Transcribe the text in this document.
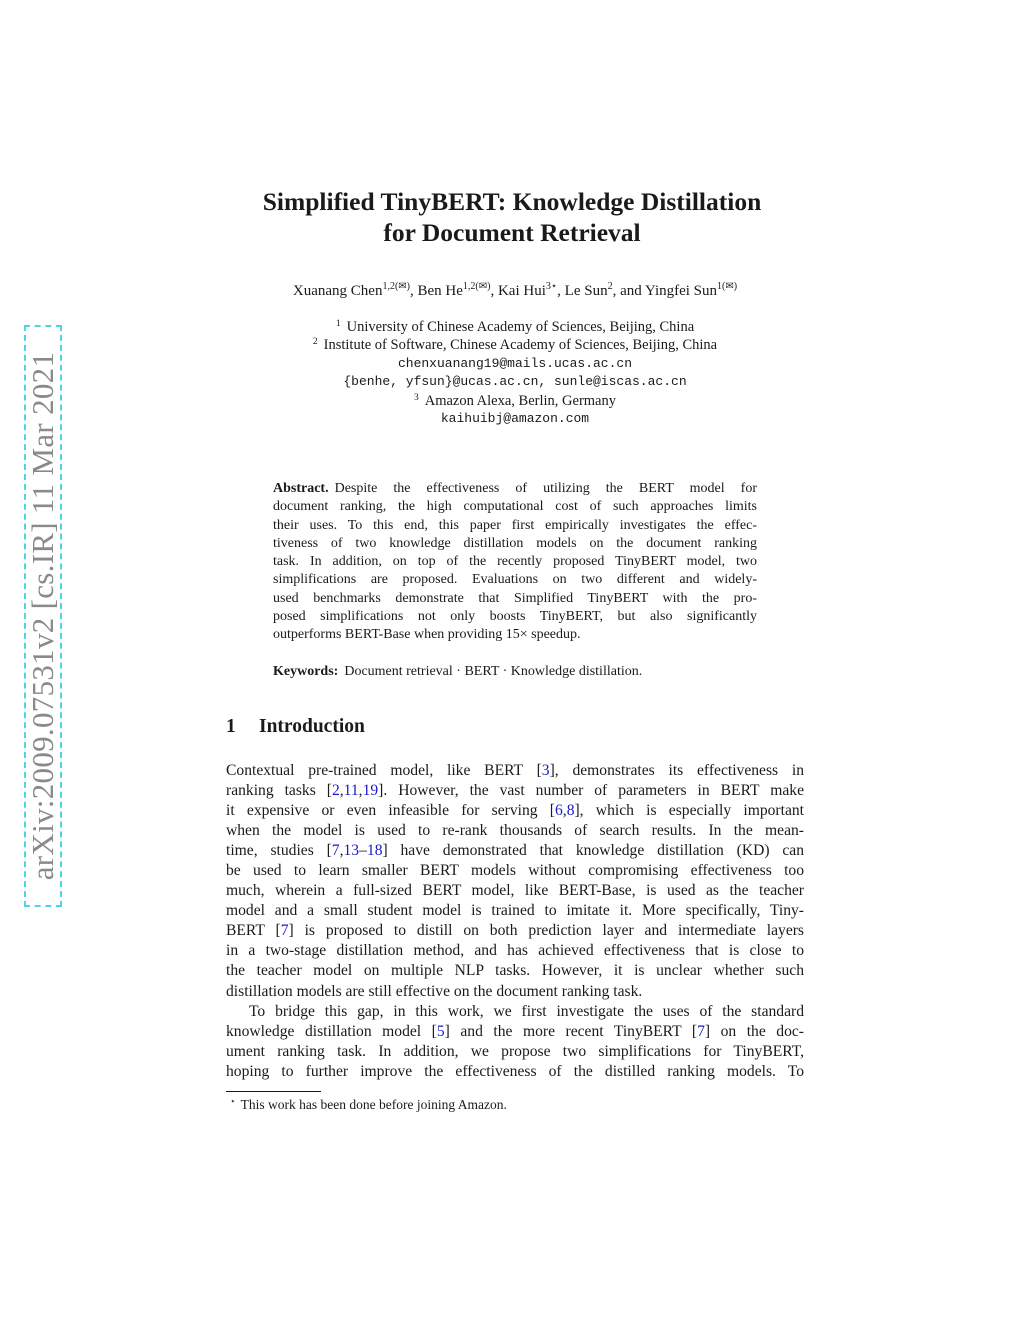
arXiv:2009.07531v2 [cs.IR] 11 Mar 2021
Simplified TinyBERT: Knowledge Distillation
for Document Retrieval
Xuanang Chen$^{1,2(✉)}$, Ben $He^{1,2(✉)}$, Kai Hui$^{3⋆}$, Le Sun$^2$, and Yingfei Sun$^{1(✉)}$
$^1$ University of Chinese Academy of Sciences, Beijing, China
$^2$ Institute of Software, Chinese Academy of Sciences, Beijing, China
chenxuanang19@mails.ucas.ac.cn
{benhe, yfsun}@ucas.ac.cn, sunle@iscas.ac.cn
$^3$ Amazon Alexa, Berlin, Germany
kaihuibj@amazon.com
Abstract. Despite the effectiveness of utilizing the BERT model for
document ranking, the high computational cost of such approaches limits
their uses. To this end, this paper first empirically investigates the effec-
tiveness of two knowledge distillation models on the document ranking
task. In addition, on top of the recently proposed TinyBERT model, two
simplifications are proposed. Evaluations on two different and widely-
used benchmarks demonstrate that Simplified TinyBERT with the pro-
posed simplifications not only boosts TinyBERT, but also significantly
outperforms BERT-Base when providing 15× speedup.
Keywords: Document retrieval · BERT · Knowledge distillation.
1 Introduction
Contextual pre-trained model, like BERT [3], demonstrates its effectiveness in
ranking tasks [2,11,19]. However, the vast number of parameters in BERT make
it expensive or even infeasible for serving [6,8], which is especially important
when the model is used to re-rank thousands of search results. In the mean-
time, studies [7,13–18] have demonstrated that knowledge distillation (KD) can
be used to learn smaller BERT models without compromising effectiveness too
much, wherein a full-sized BERT model, like BERT-Base, is used as the teacher
model and a small student model is trained to imitate it. More specifically, Tiny-
BERT [7] is proposed to distill on both prediction layer and intermediate layers
in a two-stage distillation method, and has achieved effectiveness that is close to
the teacher model on multiple NLP tasks. However, it is unclear whether such
distillation models are still effective on the document ranking task.
To bridge this gap, in this work, we first investigate the uses of the standard
knowledge distillation model [5] and the more recent TinyBERT [7] on the doc-
ument ranking task. In addition, we propose two simplifications for TinyBERT,
hoping to further improve the effectiveness of the distilled ranking models. To
⋆ This work has been done before joining Amazon.
